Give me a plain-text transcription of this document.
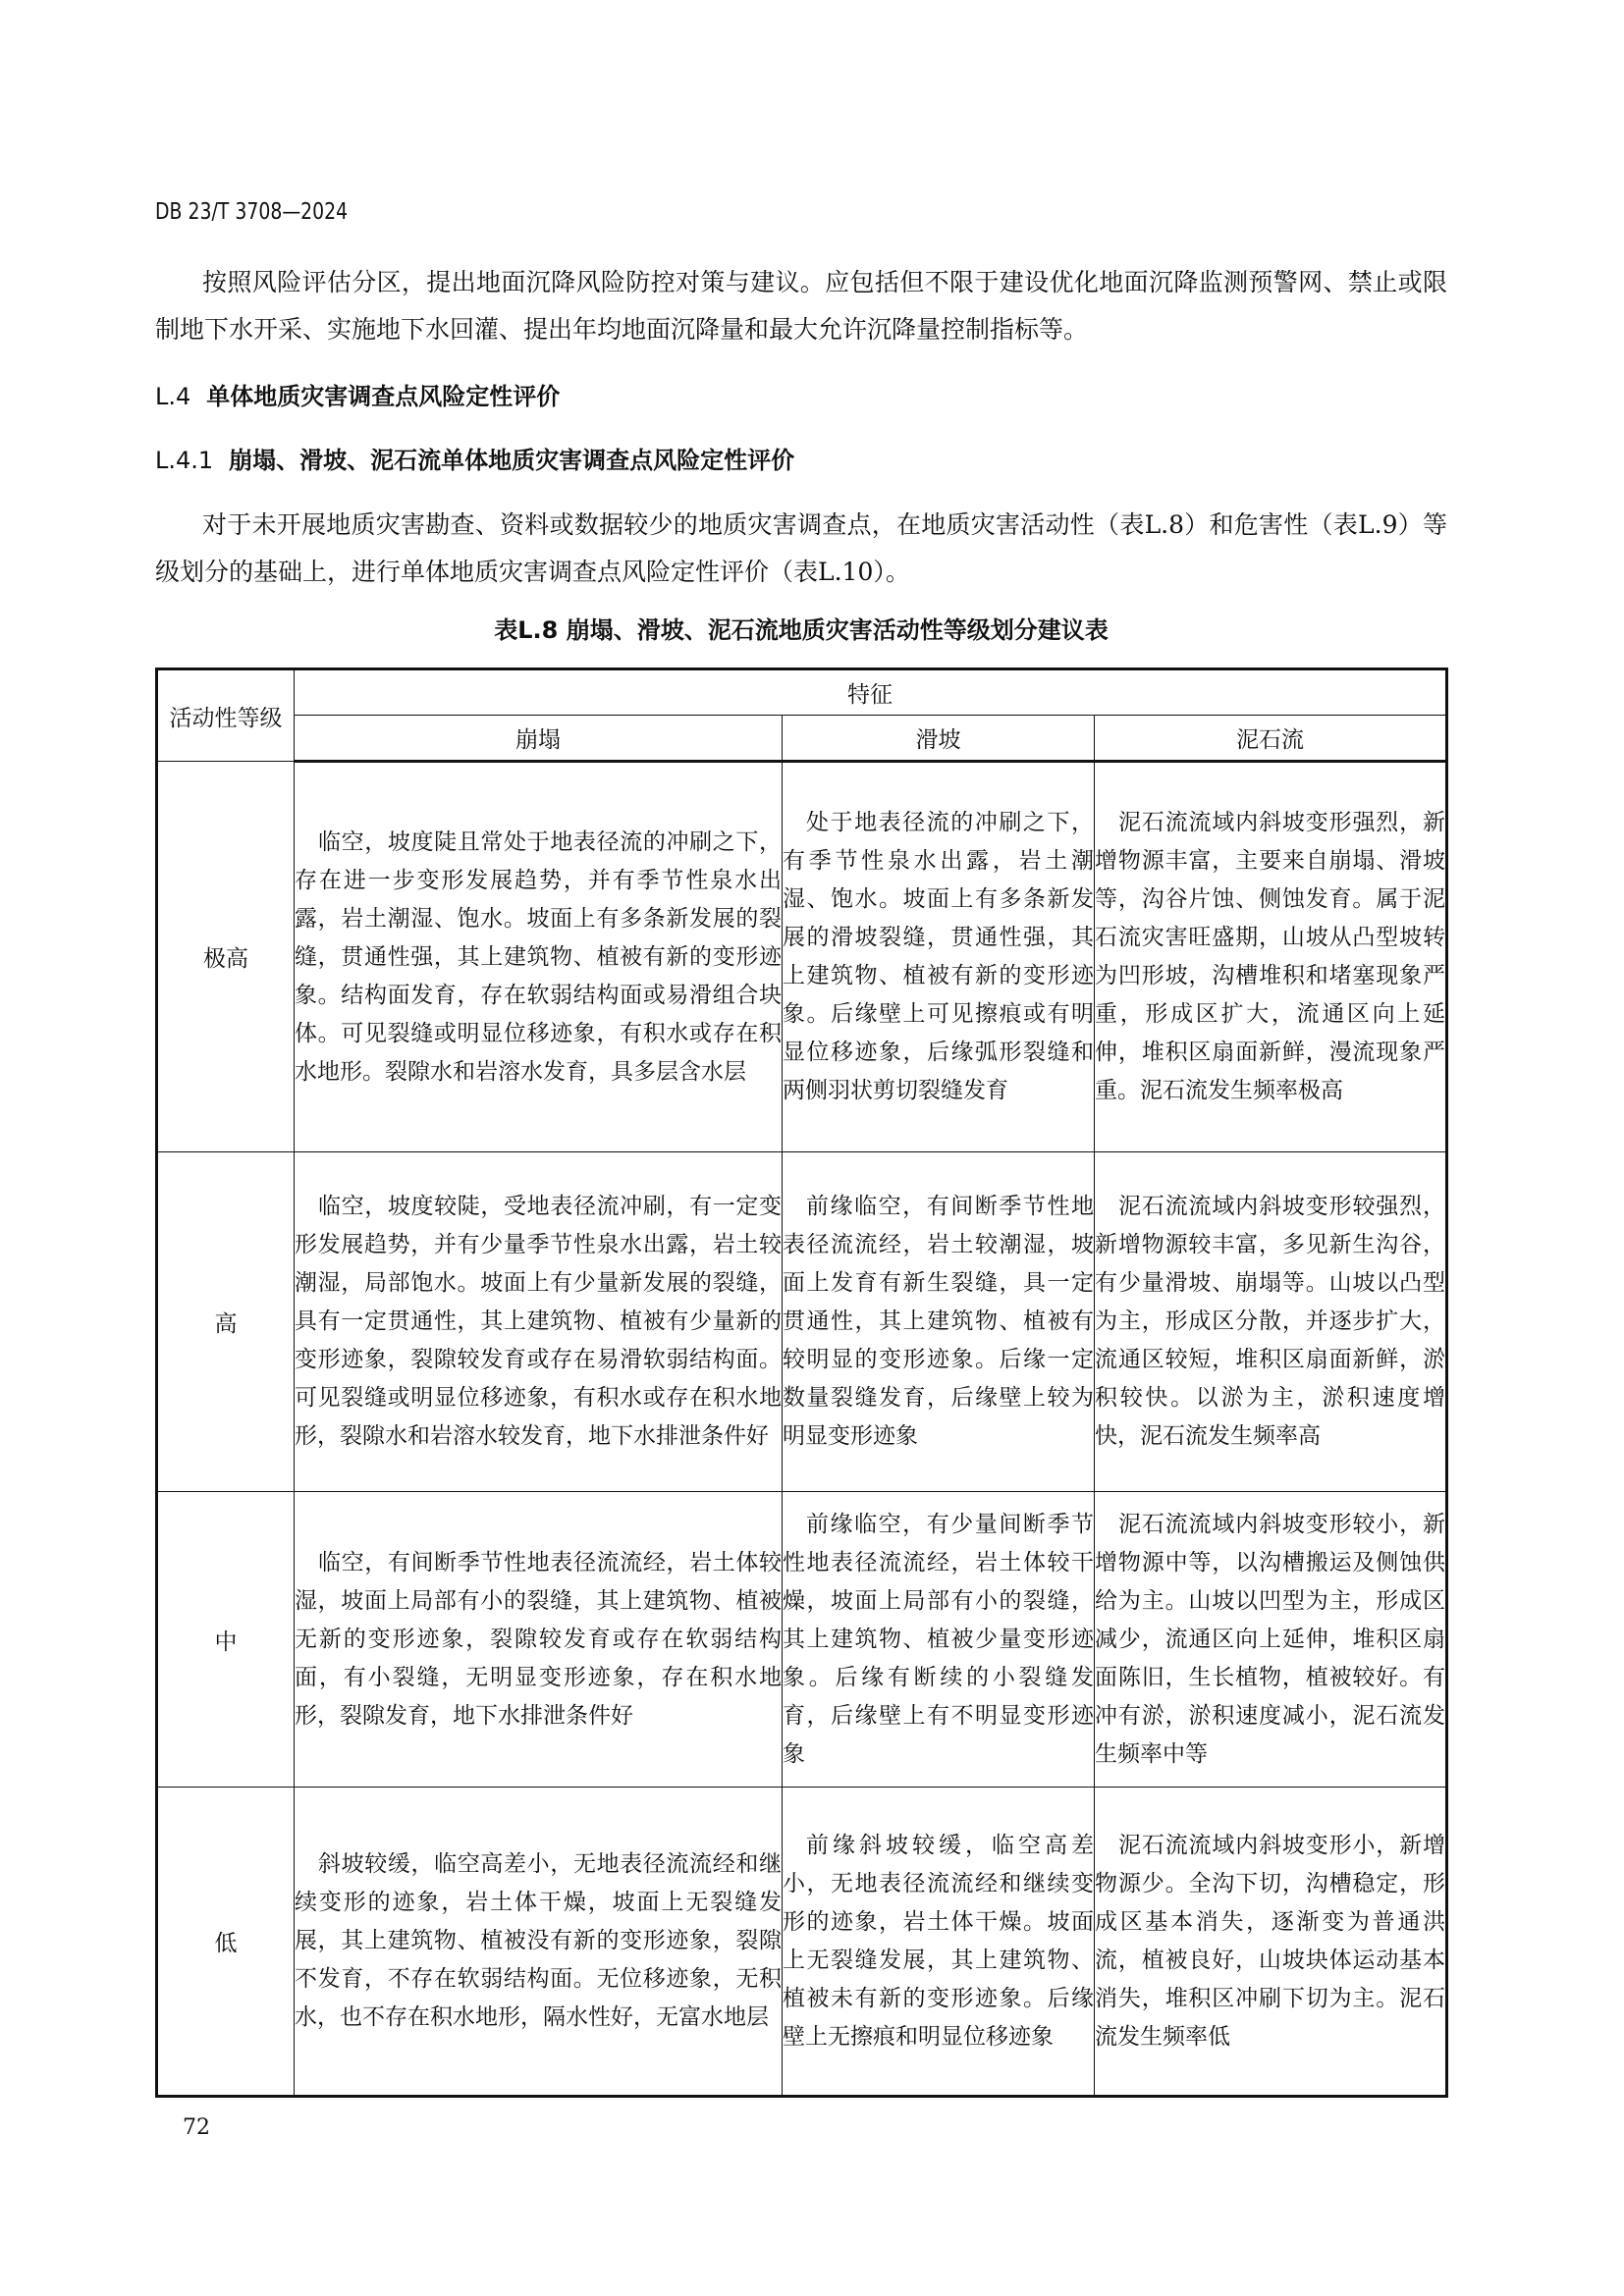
DB 23/T 3708—2024
按照风险评估分区，提出地面沉降风险防控对策与建议。应包括但不限于建设优化地面沉降监测预警网、禁止或限制地下水开采、实施地下水回灌、提出年均地面沉降量和最大允许沉降量控制指标等。
L.4 单体地质灾害调查点风险定性评价
L.4.1 崩塌、滑坡、泥石流单体地质灾害调查点风险定性评价
对于未开展地质灾害勘查、资料或数据较少的地质灾害调查点，在地质灾害活动性（表L.8）和危害性（表L.9）等级划分的基础上，进行单体地质灾害调查点风险定性评价（表L.10）。
表L.8 崩塌、滑坡、泥石流地质灾害活动性等级划分建议表
活动性等级	特征		
	崩塌	滑坡	泥石流
极高	临空，坡度陡且常处于地表径流的冲刷之下，存在进一步变形发展趋势，并有季节性泉水出露，岩土潮湿、饱水。坡面上有多条新发展的裂缝，贯通性强，其上建筑物、植被有新的变形迹象。结构面发育，存在软弱结构面或易滑组合块体。可见裂缝或明显位移迹象，有积水或存在积水地形。裂隙水和岩溶水发育，具多层含水层	处于地表径流的冲刷之下，有季节性泉水出露，岩土潮湿、饱水。坡面上有多条新发展的滑坡裂缝，贯通性强，其上建筑物、植被有新的变形迹象。后缘壁上可见擦痕或有明显位移迹象，后缘弧形裂缝和两侧羽状剪切裂缝发育	泥石流流域内斜坡变形强烈，新增物源丰富，主要来自崩塌、滑坡等，沟谷片蚀、侧蚀发育。属于泥石流灾害旺盛期，山坡从凸型坡转为凹形坡，沟槽堆积和堵塞现象严重，形成区扩大，流通区向上延伸，堆积区扇面新鲜，漫流现象严重。泥石流发生频率极高

高	临空，坡度较陡，受地表径流冲刷，有一定变形发展趋势，并有少量季节性泉水出露，岩土较潮湿，局部饱水。坡面上有少量新发展的裂缝，具有一定贯通性，其上建筑物、植被有少量新的变形迹象，裂隙较发育或存在易滑软弱结构面。可见裂缝或明显位移迹象，有积水或存在积水地形，裂隙水和岩溶水较发育，地下水排泄条件好	前缘临空，有间断季节性地表径流流经，岩土较潮湿，坡面上发育有新生裂缝，具一定贯通性，其上建筑物、植被有较明显的变形迹象。后缘一定数量裂缝发育，后缘壁上较为明显变形迹象	泥石流流域内斜坡变形较强烈，新增物源较丰富，多见新生沟谷，有少量滑坡、崩塌等。山坡以凸型为主，形成区分散，并逐步扩大，流通区较短，堆积区扇面新鲜，淤积较快。以淤为主，淤积速度增快，泥石流发生频率高

中	临空，有间断季节性地表径流流经，岩土体较湿，坡面上局部有小的裂缝，其上建筑物、植被无新的变形迹象，裂隙较发育或存在软弱结构面，有小裂缝，无明显变形迹象，存在积水地形，裂隙发育，地下水排泄条件好	前缘临空，有少量间断季节性地表径流流经，岩土体较干燥，坡面上局部有小的裂缝，其上建筑物、植被少量变形迹象。后缘有断续的小裂缝发育，后缘壁上有不明显变形迹象	泥石流流域内斜坡变形较小，新增物源中等，以沟槽搬运及侧蚀供给为主。山坡以凹型为主，形成区减少，流通区向上延伸，堆积区扇面陈旧，生长植物，植被较好。有冲有淤，淤积速度减小，泥石流发生频率中等

低	斜坡较缓，临空高差小，无地表径流流经和继续变形的迹象，岩土体干燥，坡面上无裂缝发展，其上建筑物、植被没有新的变形迹象，裂隙不发育，不存在软弱结构面。无位移迹象，无积水，也不存在积水地形，隔水性好，无富水地层	前缘斜坡较缓，临空高差小，无地表径流流经和继续变形的迹象，岩土体干燥。坡面上无裂缝发展，其上建筑物、植被未有新的变形迹象。后缘壁上无擦痕和明显位移迹象	泥石流流域内斜坡变形小，新增物源少。全沟下切，沟槽稳定，形成区基本消失，逐渐变为普通洪流，植被良好，山坡块体运动基本消失，堆积区冲刷下切为主。泥石流发生频率低

72
